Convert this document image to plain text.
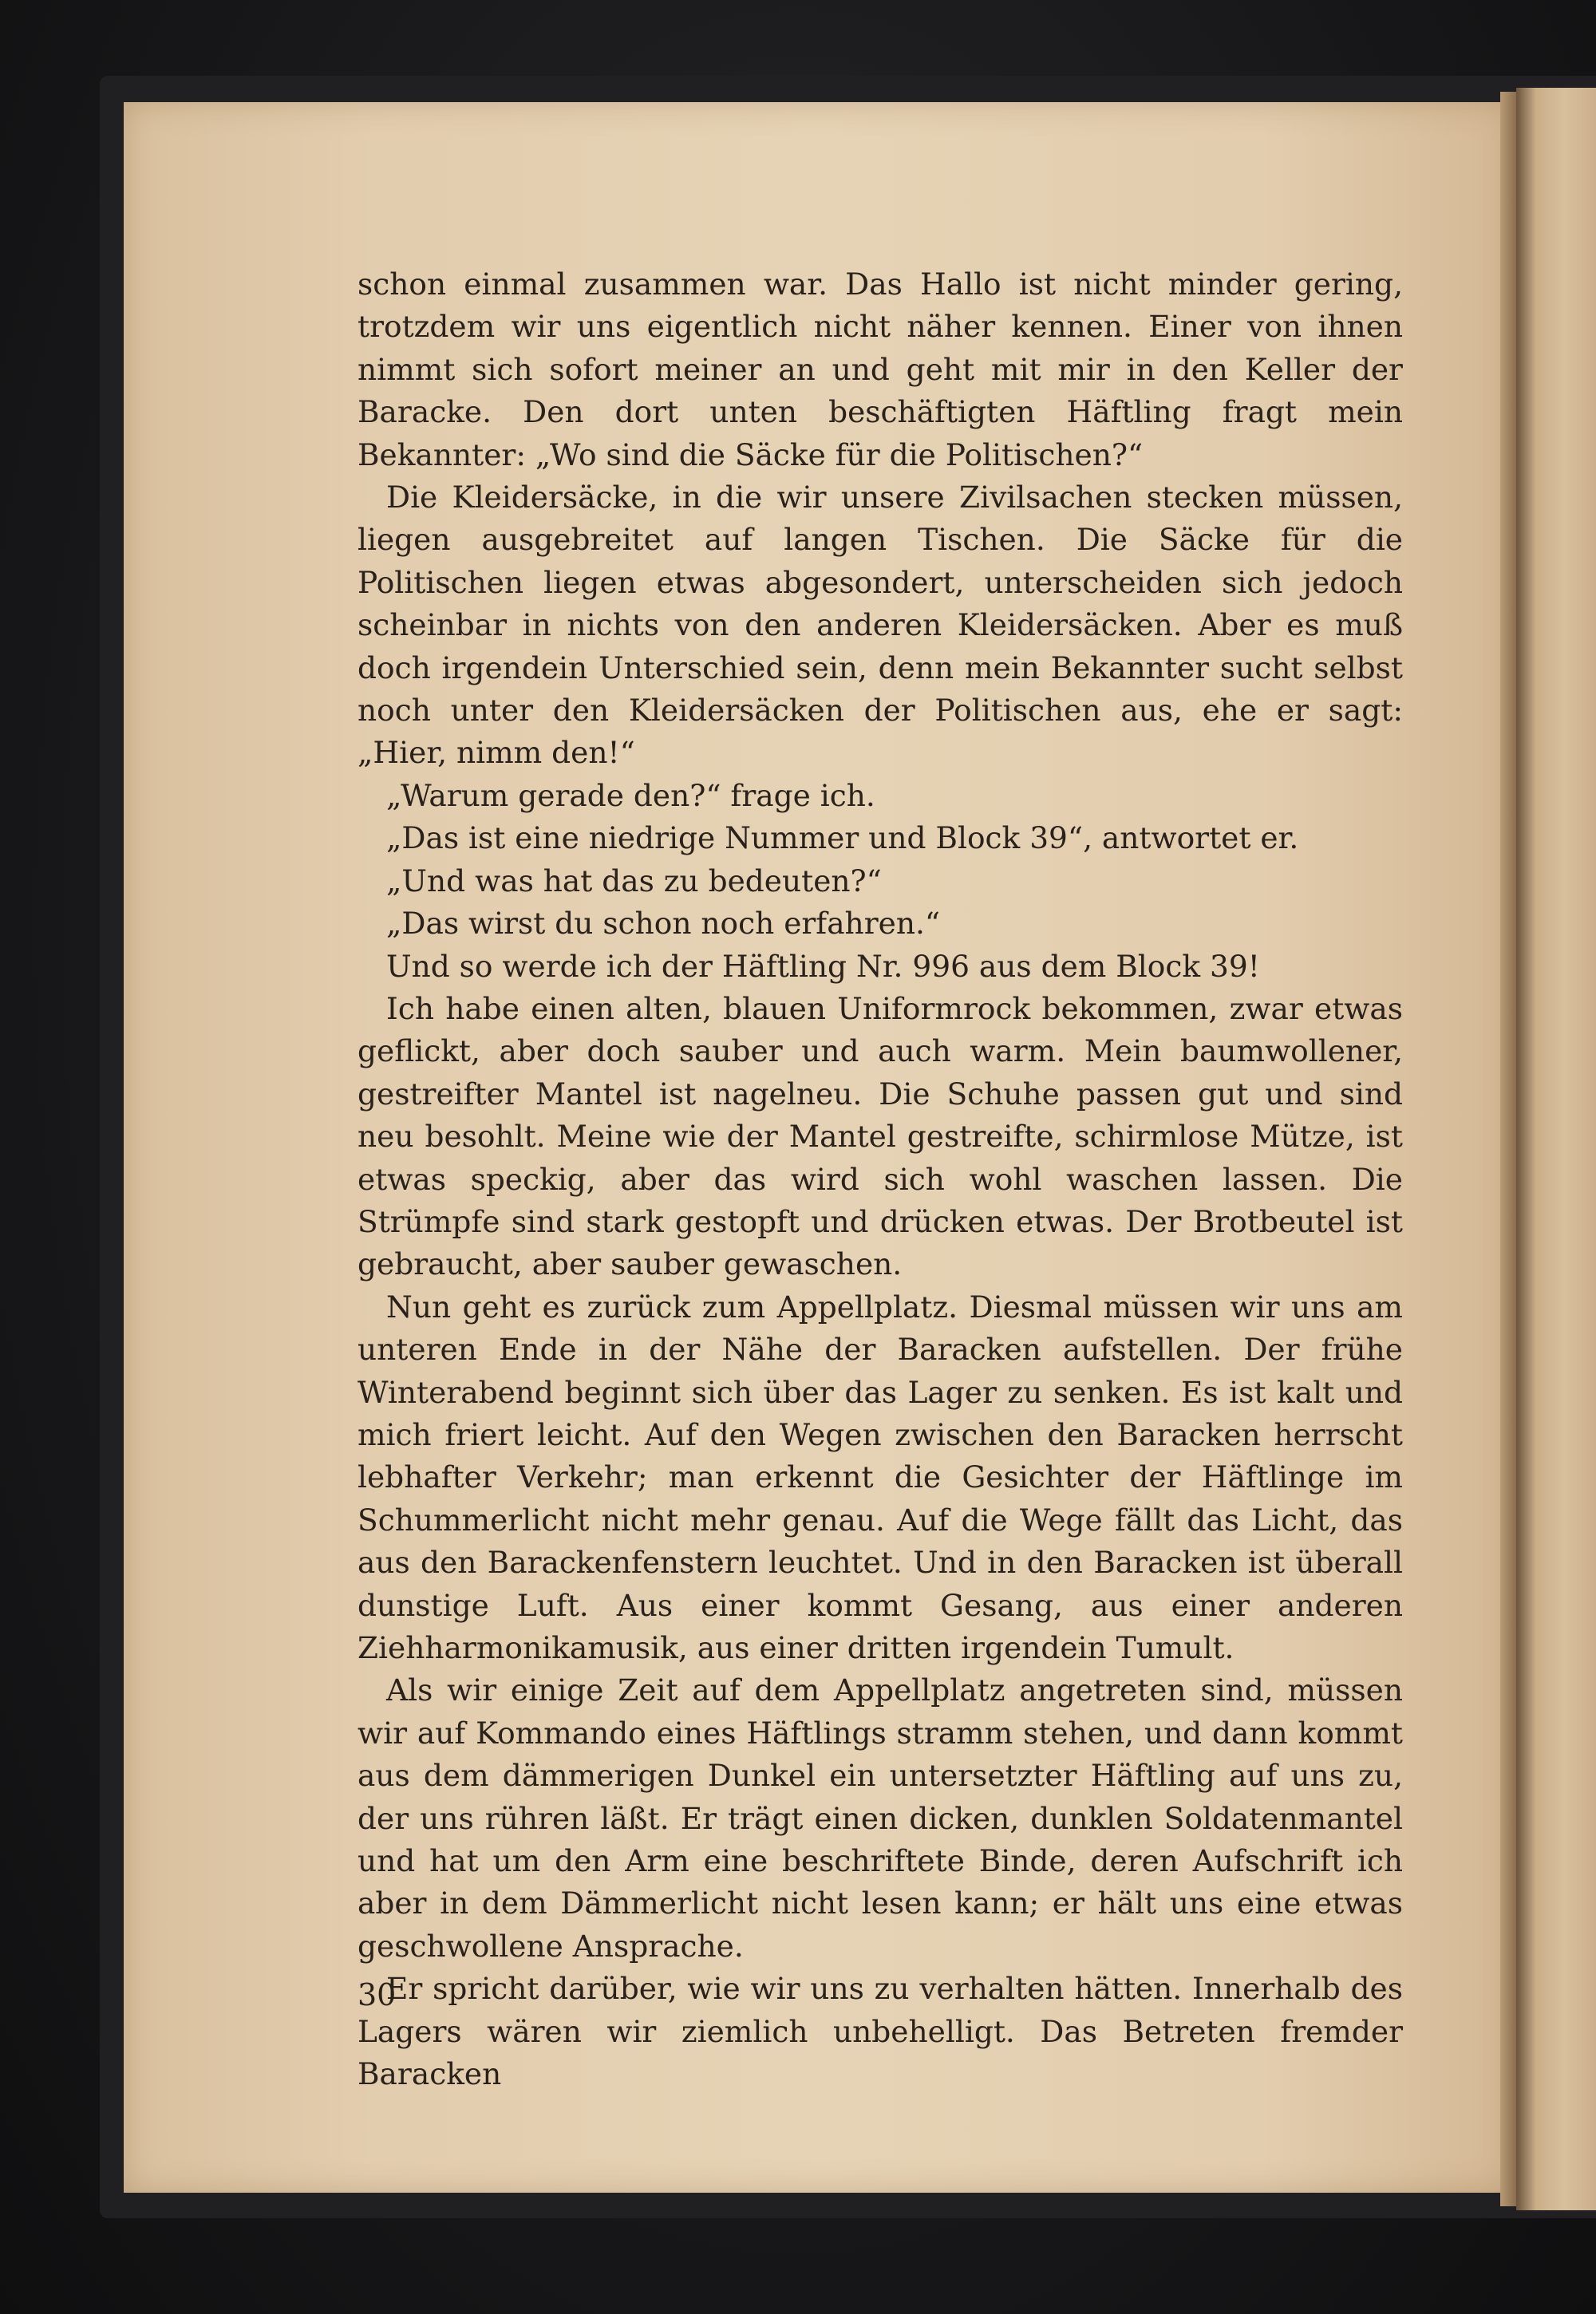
schon einmal zusammen war. Das Hallo ist nicht minder gering, trotzdem wir uns eigentlich nicht näher kennen. Einer von ihnen nimmt sich sofort meiner an und geht mit mir in den Keller der Baracke. Den dort unten beschäftigten Häftling fragt mein Bekannter: „Wo sind die Säcke für die Politischen?“

Die Kleidersäcke, in die wir unsere Zivilsachen stecken müssen, liegen ausgebreitet auf langen Tischen. Die Säcke für die Politischen liegen etwas abgesondert, unterscheiden sich jedoch scheinbar in nichts von den anderen Kleidersäcken. Aber es muß doch irgendein Unterschied sein, denn mein Bekannter sucht selbst noch unter den Kleidersäcken der Politischen aus, ehe er sagt: „Hier, nimm den!“

„Warum gerade den?“ frage ich.

„Das ist eine niedrige Nummer und Block 39“, antwortet er.

„Und was hat das zu bedeuten?“

„Das wirst du schon noch erfahren.“

Und so werde ich der Häftling Nr. 996 aus dem Block 39!

Ich habe einen alten, blauen Uniformrock bekommen, zwar etwas geflickt, aber doch sauber und auch warm. Mein baumwollener, gestreifter Mantel ist nagelneu. Die Schuhe passen gut und sind neu besohlt. Meine wie der Mantel gestreifte, schirmlose Mütze, ist etwas speckig, aber das wird sich wohl waschen lassen. Die Strümpfe sind stark gestopft und drücken etwas. Der Brotbeutel ist gebraucht, aber sauber gewaschen.

Nun geht es zurück zum Appellplatz. Diesmal müssen wir uns am unteren Ende in der Nähe der Baracken aufstellen. Der frühe Winterabend beginnt sich über das Lager zu senken. Es ist kalt und mich friert leicht. Auf den Wegen zwischen den Baracken herrscht lebhafter Verkehr; man erkennt die Gesichter der Häftlinge im Schummerlicht nicht mehr genau. Auf die Wege fällt das Licht, das aus den Barackenfenstern leuchtet. Und in den Baracken ist überall dunstige Luft. Aus einer kommt Gesang, aus einer anderen Ziehharmonikamusik, aus einer dritten irgendein Tumult.

Als wir einige Zeit auf dem Appellplatz angetreten sind, müssen wir auf Kommando eines Häftlings stramm stehen, und dann kommt aus dem dämmerigen Dunkel ein untersetzter Häftling auf uns zu, der uns rühren läßt. Er trägt einen dicken, dunklen Soldatenmantel und hat um den Arm eine beschriftete Binde, deren Aufschrift ich aber in dem Dämmerlicht nicht lesen kann; er hält uns eine etwas geschwollene Ansprache.

Er spricht darüber, wie wir uns zu verhalten hätten. Innerhalb des Lagers wären wir ziemlich unbehelligt. Das Betreten fremder Baracken

30
